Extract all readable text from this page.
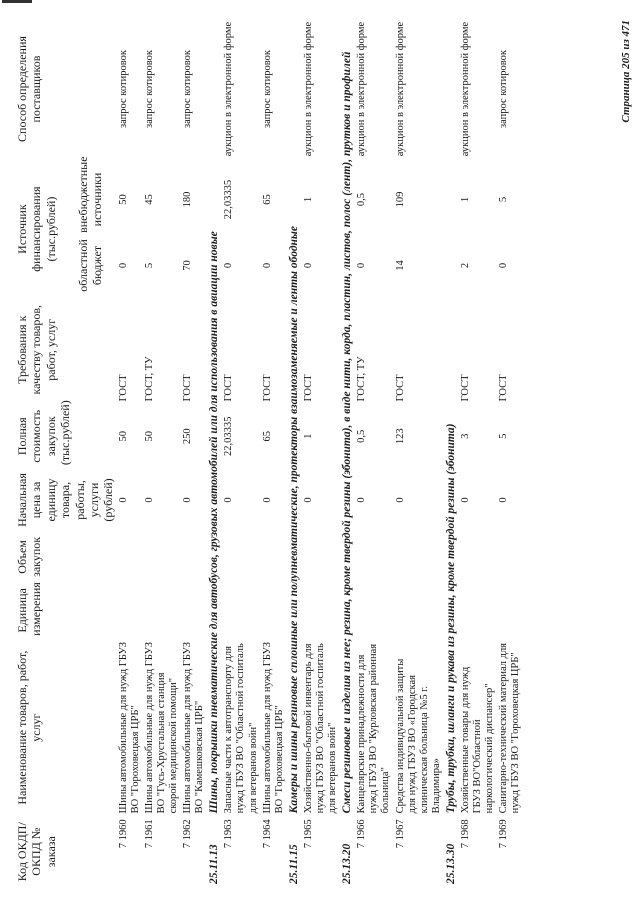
Код ОКДП/ ОКПД № заказа	Наименование товаров, работ, услуг	Единица измерения	Объем закупок	Начальная цена за единицу товара, работы, услуги (рублей)	Полная стоимость закупок (тыс.рублей)	Требования к качеству товаров, работ, услуг	Источник финансирования (тыс.рублей)		Способ определения поставщиков
							областной бюджет	внебюджетные источники	
7 1960	Шины автомобильные для нужд ГБУЗ ВО "Гороховецкая ЦРБ"			0	50	ГОСТ	0	50	запрос котировок
7 1961	Шины автомобильные для нужд ГБУЗ ВО "Гусь-Хрустальная станция скорой медицинской помощи"			0	50	ГОСТ, ТУ	5	45	запрос котировок
7 1962	Шины автомобильные для нужд ГБУЗ ВО "Камешковская ЦРБ"			0	250	ГОСТ	70	180	запрос котировок
25.11.13	Шины, покрышки пневматические для автобусов, грузовых автомобилей или для использования в авиации новые								
7 1963	Запасные части к автотранспорту для нужд ГБУЗ ВО "Областной госпиталь для ветеранов войн"			0	22,03335	ГОСТ	0	22,03335	аукцион в электронной форме
7 1964	Шины автомобильные для нужд ГБУЗ ВО "Гороховецкая ЦРБ"			0	65	ГОСТ	0	65	запрос котировок
25.11.15	Камеры и шины резиновые сплошные или полупневматические, протекторы взаимозаменяемые и ленты ободные								
7 1965	Хозяйственно-бытовой инвентарь для нужд ГБУЗ ВО "Областной госпиталь для ветеранов войн"			0	1	ГОСТ	0	1	аукцион в электронной форме
25.13.20	Смеси резиновые и изделия из нее; резина, кроме твердой резины (эбонита), в виде нити, корда, пластин, листов, полос (лент), прутков и профилей								
7 1966	Канцелярские принадлежности для нужд ГБУЗ ВО "Курловская районная больница"			0	0,5	ГОСТ, ТУ	0	0,5	аукцион в электронной форме
7 1967	Средства индивидуальной защиты для нужд ГБУЗ ВО «Городская клиническая больница №5 г. Владимира»			0	123	ГОСТ	14	109	аукцион в электронной форме
25.13.30	Трубы, трубки, шланги и рукава из резины, кроме твердой резины (эбонита)								
7 1968	Хозяйственные товары для нужд ГБУЗ ВО"Областной наркологический диспансер"			0	3	ГОСТ	2	1	аукцион в электронной форме
7 1969	Санитарно-технический материал для нужд ГБУЗ ВО "Гороховецкая ЦРБ"			0	5	ГОСТ	0	5	запрос котировок	Страница 205 из 471
